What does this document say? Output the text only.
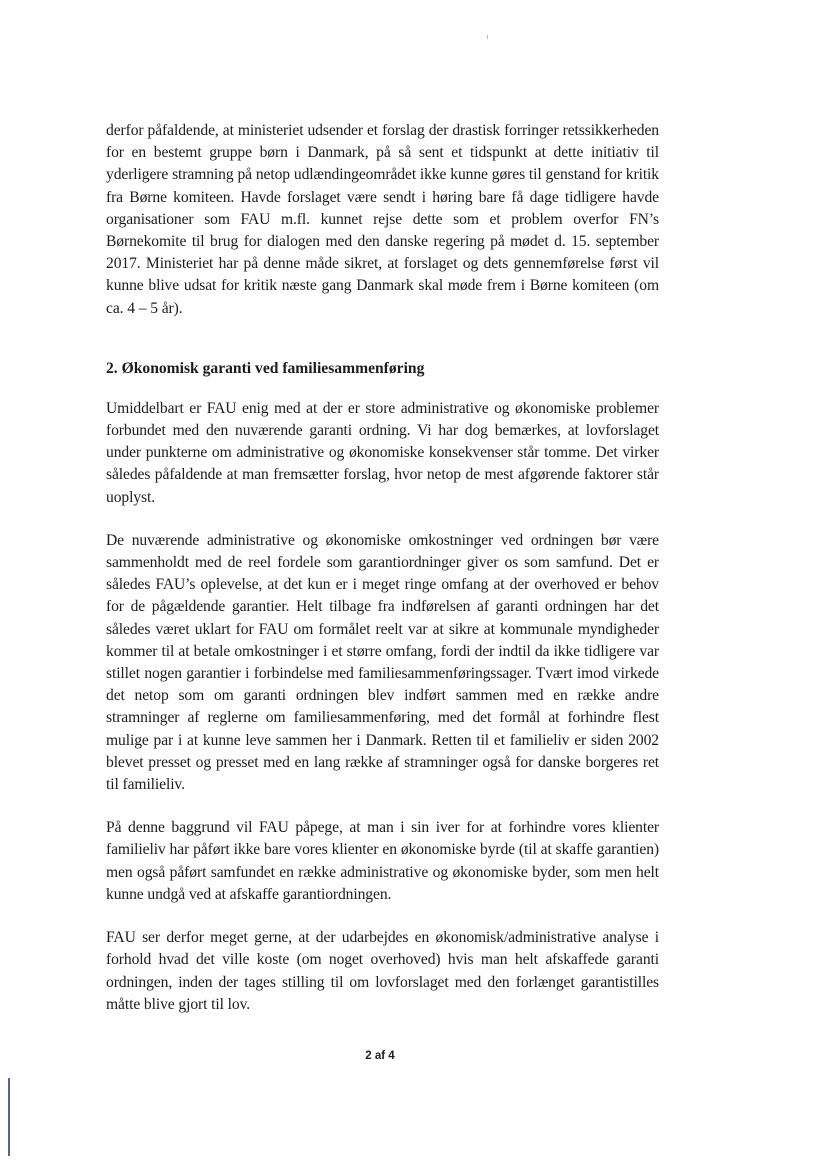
derfor påfaldende, at ministeriet udsender et forslag der drastisk forringer retssikkerheden for en bestemt gruppe børn i Danmark, på så sent et tidspunkt at dette initiativ til yderligere stramning på netop udlændingeområdet ikke kunne gøres til genstand for kritik fra Børne komiteen. Havde forslaget være sendt i høring bare få dage tidligere havde organisationer som FAU m.fl. kunnet rejse dette som et problem overfor FN’s Børnekomite til brug for dialogen med den danske regering på mødet d. 15. september 2017. Ministeriet har på denne måde sikret, at forslaget og dets gennemførelse først vil kunne blive udsat for kritik næste gang Danmark skal møde frem i Børne komiteen (om ca. 4 – 5 år).

2. Økonomisk garanti ved familiesammenføring

Umiddelbart er FAU enig med at der er store administrative og økonomiske problemer forbundet med den nuværende garanti ordning. Vi har dog bemærkes, at lovforslaget under punkterne om administrative og økonomiske konsekvenser står tomme. Det virker således påfaldende at man fremsætter forslag, hvor netop de mest afgørende faktorer står uoplyst.

De nuværende administrative og økonomiske omkostninger ved ordningen bør være sammenholdt med de reel fordele som garantiordninger giver os som samfund. Det er således FAU’s oplevelse, at det kun er i meget ringe omfang at der overhoved er behov for de pågældende garantier. Helt tilbage fra indførelsen af garanti ordningen har det således været uklart for FAU om formålet reelt var at sikre at kommunale myndigheder kommer til at betale omkostninger i et større omfang, fordi der indtil da ikke tidligere var stillet nogen garantier i forbindelse med familiesammenføringssager. Tvært imod virkede det netop som om garanti ordningen blev indført sammen med en række andre stramninger af reglerne om familiesammenføring, med det formål at forhindre flest mulige par i at kunne leve sammen her i Danmark. Retten til et familieliv er siden 2002 blevet presset og presset med en lang række af stramninger også for danske borgeres ret til familieliv.

På denne baggrund vil FAU påpege, at man i sin iver for at forhindre vores klienter familieliv har påført ikke bare vores klienter en økonomiske byrde (til at skaffe garantien) men også påført samfundet en række administrative og økonomiske byder, som men helt kunne undgå ved at afskaffe garantiordningen.

FAU ser derfor meget gerne, at der udarbejdes en økonomisk/administrative analyse i forhold hvad det ville koste (om noget overhoved) hvis man helt afskaffede garanti ordningen, inden der tages stilling til om lovforslaget med den forlænget garantistilles måtte blive gjort til lov.

2 af 4
